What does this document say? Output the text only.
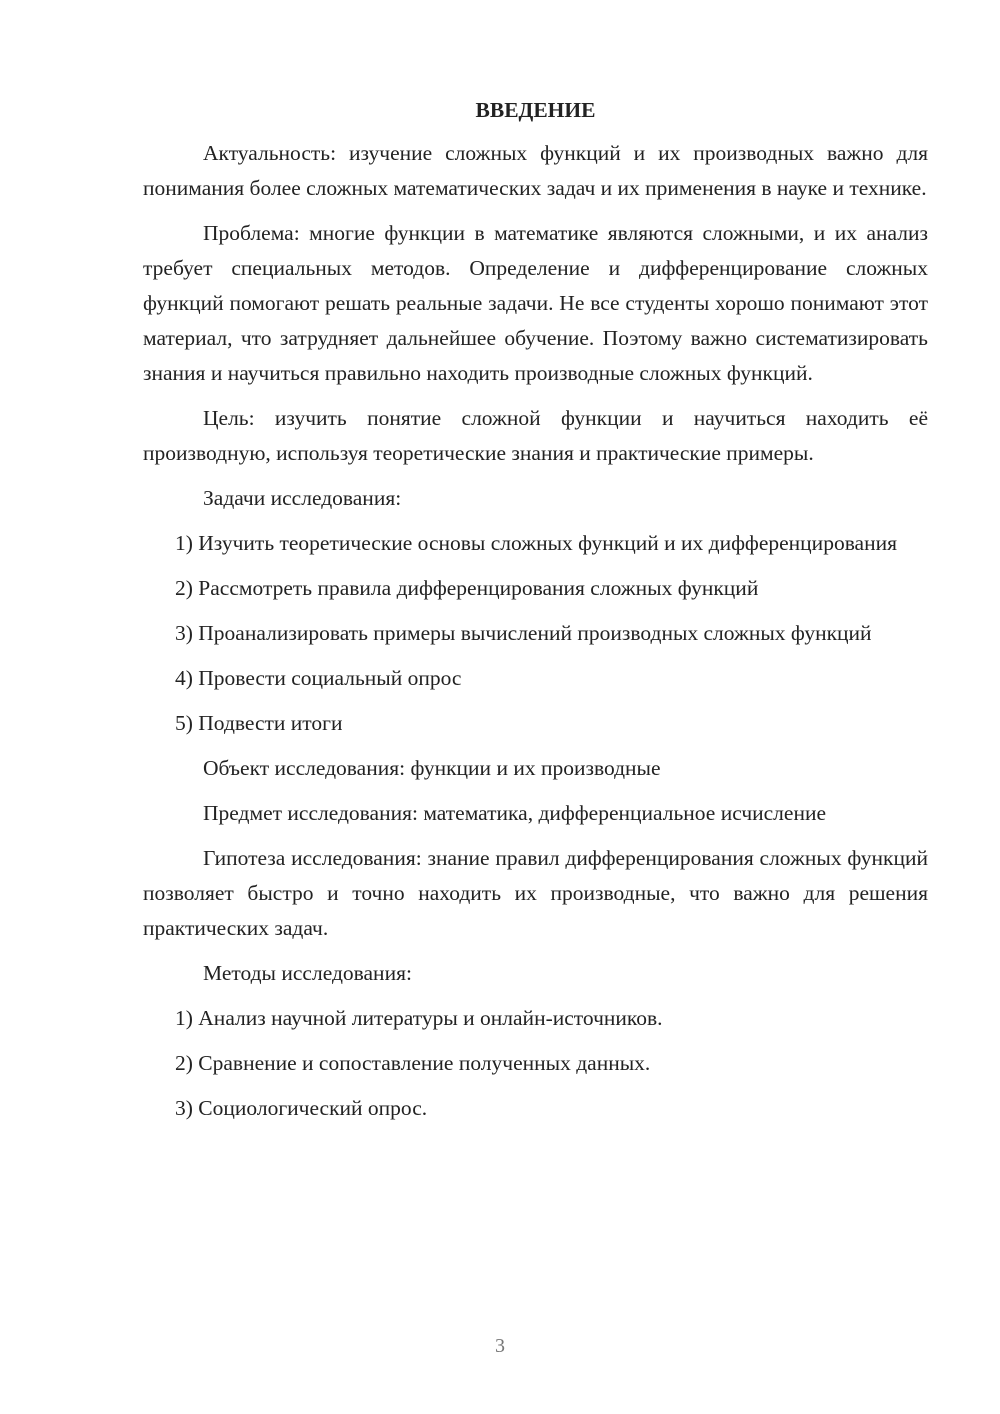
ВВЕДЕНИЕ

Актуальность: изучение сложных функций и их производных важно для понимания более сложных математических задач и их применения в науке и технике.

Проблема: многие функции в математике являются сложными, и их анализ требует специальных методов. Определение и дифференцирование сложных функций помогают решать реальные задачи. Не все студенты хорошо понимают этот материал, что затрудняет дальнейшее обучение. Поэтому важно систематизировать знания и научиться правильно находить производные сложных функций.

Цель: изучить понятие сложной функции и научиться находить её производную, используя теоретические знания и практические примеры.

Задачи исследования:

1) Изучить теоретические основы сложных функций и их дифференцирования

2) Рассмотреть правила дифференцирования сложных функций

3) Проанализировать примеры вычислений производных сложных функций

4) Провести социальный опрос

5) Подвести итоги

Объект исследования: функции и их производные

Предмет исследования: математика, дифференциальное исчисление

Гипотеза исследования: знание правил дифференцирования сложных функций позволяет быстро и точно находить их производные, что важно для решения практических задач.

Методы исследования:

1) Анализ научной литературы и онлайн-источников.

2) Сравнение и сопоставление полученных данных.

3) Социологический опрос.

3
